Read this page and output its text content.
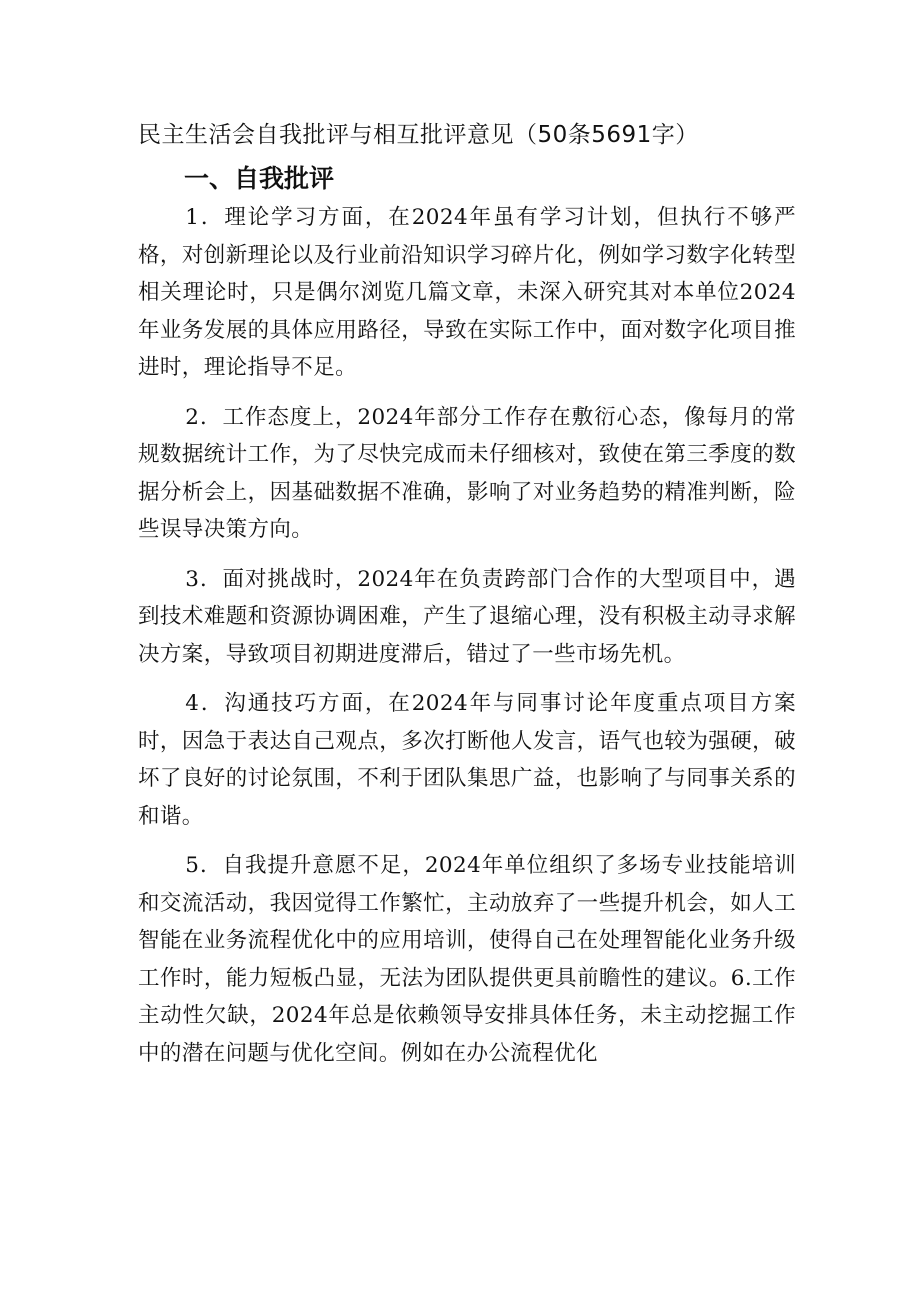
民主生活会自我批评与相互批评意见（50条5691字）
一、自我批评

1．理论学习方面，在2024年虽有学习计划，但执行不够严格，对创新理论以及行业前沿知识学习碎片化，例如学习数字化转型相关理论时，只是偶尔浏览几篇文章，未深入研究其对本单位2024年业务发展的具体应用路径，导致在实际工作中，面对数字化项目推进时，理论指导不足。

2．工作态度上，2024年部分工作存在敷衍心态，像每月的常规数据统计工作，为了尽快完成而未仔细核对，致使在第三季度的数据分析会上，因基础数据不准确，影响了对业务趋势的精准判断，险些误导决策方向。

3．面对挑战时，2024年在负责跨部门合作的大型项目中，遇到技术难题和资源协调困难，产生了退缩心理，没有积极主动寻求解决方案，导致项目初期进度滞后，错过了一些市场先机。

4．沟通技巧方面，在2024年与同事讨论年度重点项目方案时，因急于表达自己观点，多次打断他人发言，语气也较为强硬，破坏了良好的讨论氛围，不利于团队集思广益，也影响了与同事关系的和谐。

5．自我提升意愿不足，2024年单位组织了多场专业技能培训和交流活动，我因觉得工作繁忙，主动放弃了一些提升机会，如人工智能在业务流程优化中的应用培训，使得自己在处理智能化业务升级工作时，能力短板凸显，无法为团队提供更具前瞻性的建议。6.工作主动性欠缺，2024年总是依赖领导安排具体任务，未主动挖掘工作中的潜在问题与优化空间。例如在办公流程优化
